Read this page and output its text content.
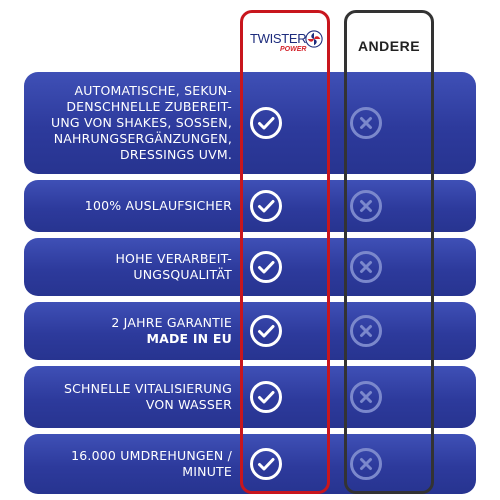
AUTOMATISCHE, SEKUN-
DENSCHNELLE ZUBEREIT-
UNG VON SHAKES, SOSSEN,
NAHRUNGSERGÄNZUNGEN,
DRESSINGS UVM.
100% AUSLAUFSICHER
HOHE VERARBEIT-
UNGSQUALITÄT
2 JAHRE GARANTIE
MADE IN EU
SCHNELLE VITALISIERUNG
VON WASSER
16.000 UMDREHUNGEN /
MINUTE
TWISTER
POWER	ANDERE
